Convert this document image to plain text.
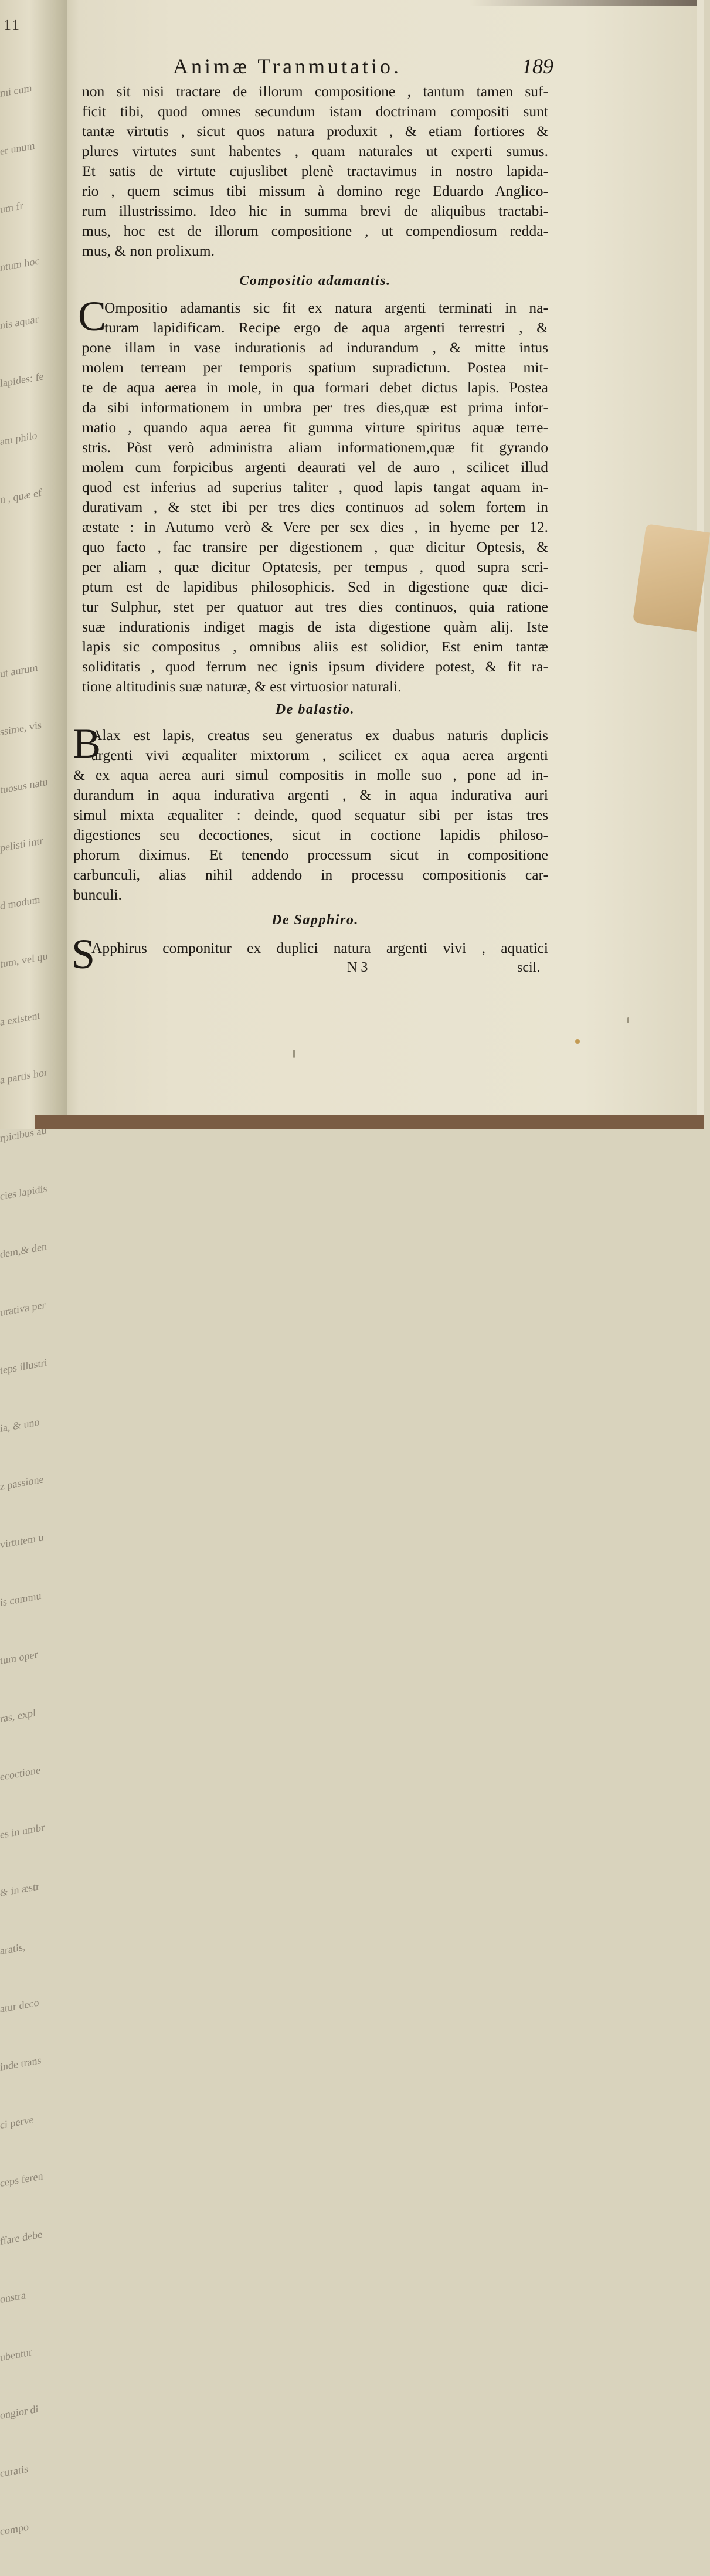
11

mi cum

er unum

um fr

ntum hoc

nis aquar

lapides: fe

am philo

n , quæ ef

ut aurum

ssime, vis

tuosus natu

pelisti intr

d modum

tum, vel qu

a existent

a partis hor

rpicibus au

cies lapidis

dem,& den

urativa per

teps illustri

ia, & uno

z passione

virtutem u

is commu

tum oper

ras, expl

ecoctione

es in umbr

& in æstr

aratis,

atur deco

inde trans

ci perve

ceps feren

ffare debe

onstra

ubentur

ongior di

curatis

compo

Animæ Tranmutatio.	189
non sit nisi tractare de illorum compositione , tantum tamen suf-
ficit tibi, quod omnes secundum istam doctrinam compositi sunt
tantæ virtutis , sicut quos natura produxit , & etiam fortiores &
plures virtutes sunt habentes , quam naturales ut experti sumus.
Et satis de virtute cujuslibet plenè tractavimus in nostro lapida-
rio , quem scimus tibi missum à domino rege Eduardo Anglico-
rum illustrissimo. Ideo hic in summa brevi de aliquibus tractabi-
mus, hoc est de illorum compositione , ut compendiosum redda-
mus, & non prolixum.
Compositio adamantis.
C
Ompositio adamantis sic fit ex natura argenti terminati in na-
turam lapidificam. Recipe ergo de aqua argenti terrestri , &
pone illam in vase indurationis ad indurandum , & mitte intus
molem terream per temporis spatium supradictum. Postea mit-
te de aqua aerea in mole, in qua formari debet dictus lapis. Postea
da sibi informationem in umbra per tres dies,quæ est prima infor-
matio , quando aqua aerea fit gumma virture spiritus aquæ terre-
stris. Pòst verò administra aliam informationem,quæ fit gyrando
molem cum forpicibus argenti deaurati vel de auro , scilicet illud
quod est inferius ad superius taliter , quod lapis tangat aquam in-
durativam , & stet ibi per tres dies continuos ad solem fortem in
æstate : in Autumo verò & Vere per sex dies , in hyeme per 12.
quo facto , fac transire per digestionem , quæ dicitur Optesis, &
per aliam , quæ dicitur Optatesis, per tempus , quod supra scri-
ptum est de lapidibus philosophicis. Sed in digestione quæ dici-
tur Sulphur, stet per quatuor aut tres dies continuos, quia ratione
suæ indurationis indiget magis de ista digestione quàm alij. Iste
lapis sic compositus , omnibus aliis est solidior, Est enim tantæ
soliditatis , quod ferrum nec ignis ipsum dividere potest, & fit ra-
tione altitudinis suæ naturæ, & est virtuosior naturali.
De balastio.
B
Alax est lapis, creatus seu generatus ex duabus naturis duplicis
argenti vivi æqualiter mixtorum , scilicet ex aqua aerea argenti
& ex aqua aerea auri simul compositis in molle suo , pone ad in-
durandum in aqua indurativa argenti , & in aqua indurativa auri
simul mixta æqualiter : deinde, quod sequatur sibi per istas tres
digestiones seu decoctiones, sicut in coctione lapidis philoso-
phorum diximus. Et tenendo processum sicut in compositione
carbunculi, alias nihil addendo in processu compositionis car-
bunculi.
De Sapphiro.
S
Apphirus componitur ex duplici natura argenti vivi , aquatici
N 3	scil.
